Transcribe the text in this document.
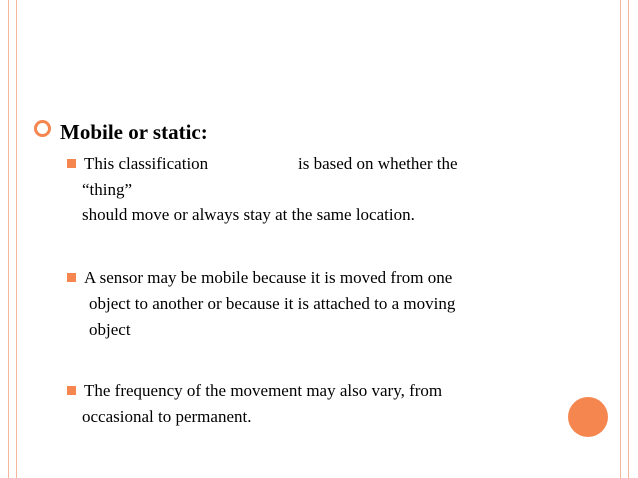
Mobile or static:
This classification	is based on whether the
“thing”
should move or always stay at the same location.
A sensor may be mobile because it is moved from one
object to another or because it is attached to a moving
object
The frequency of the movement may also vary, from
occasional to permanent.
